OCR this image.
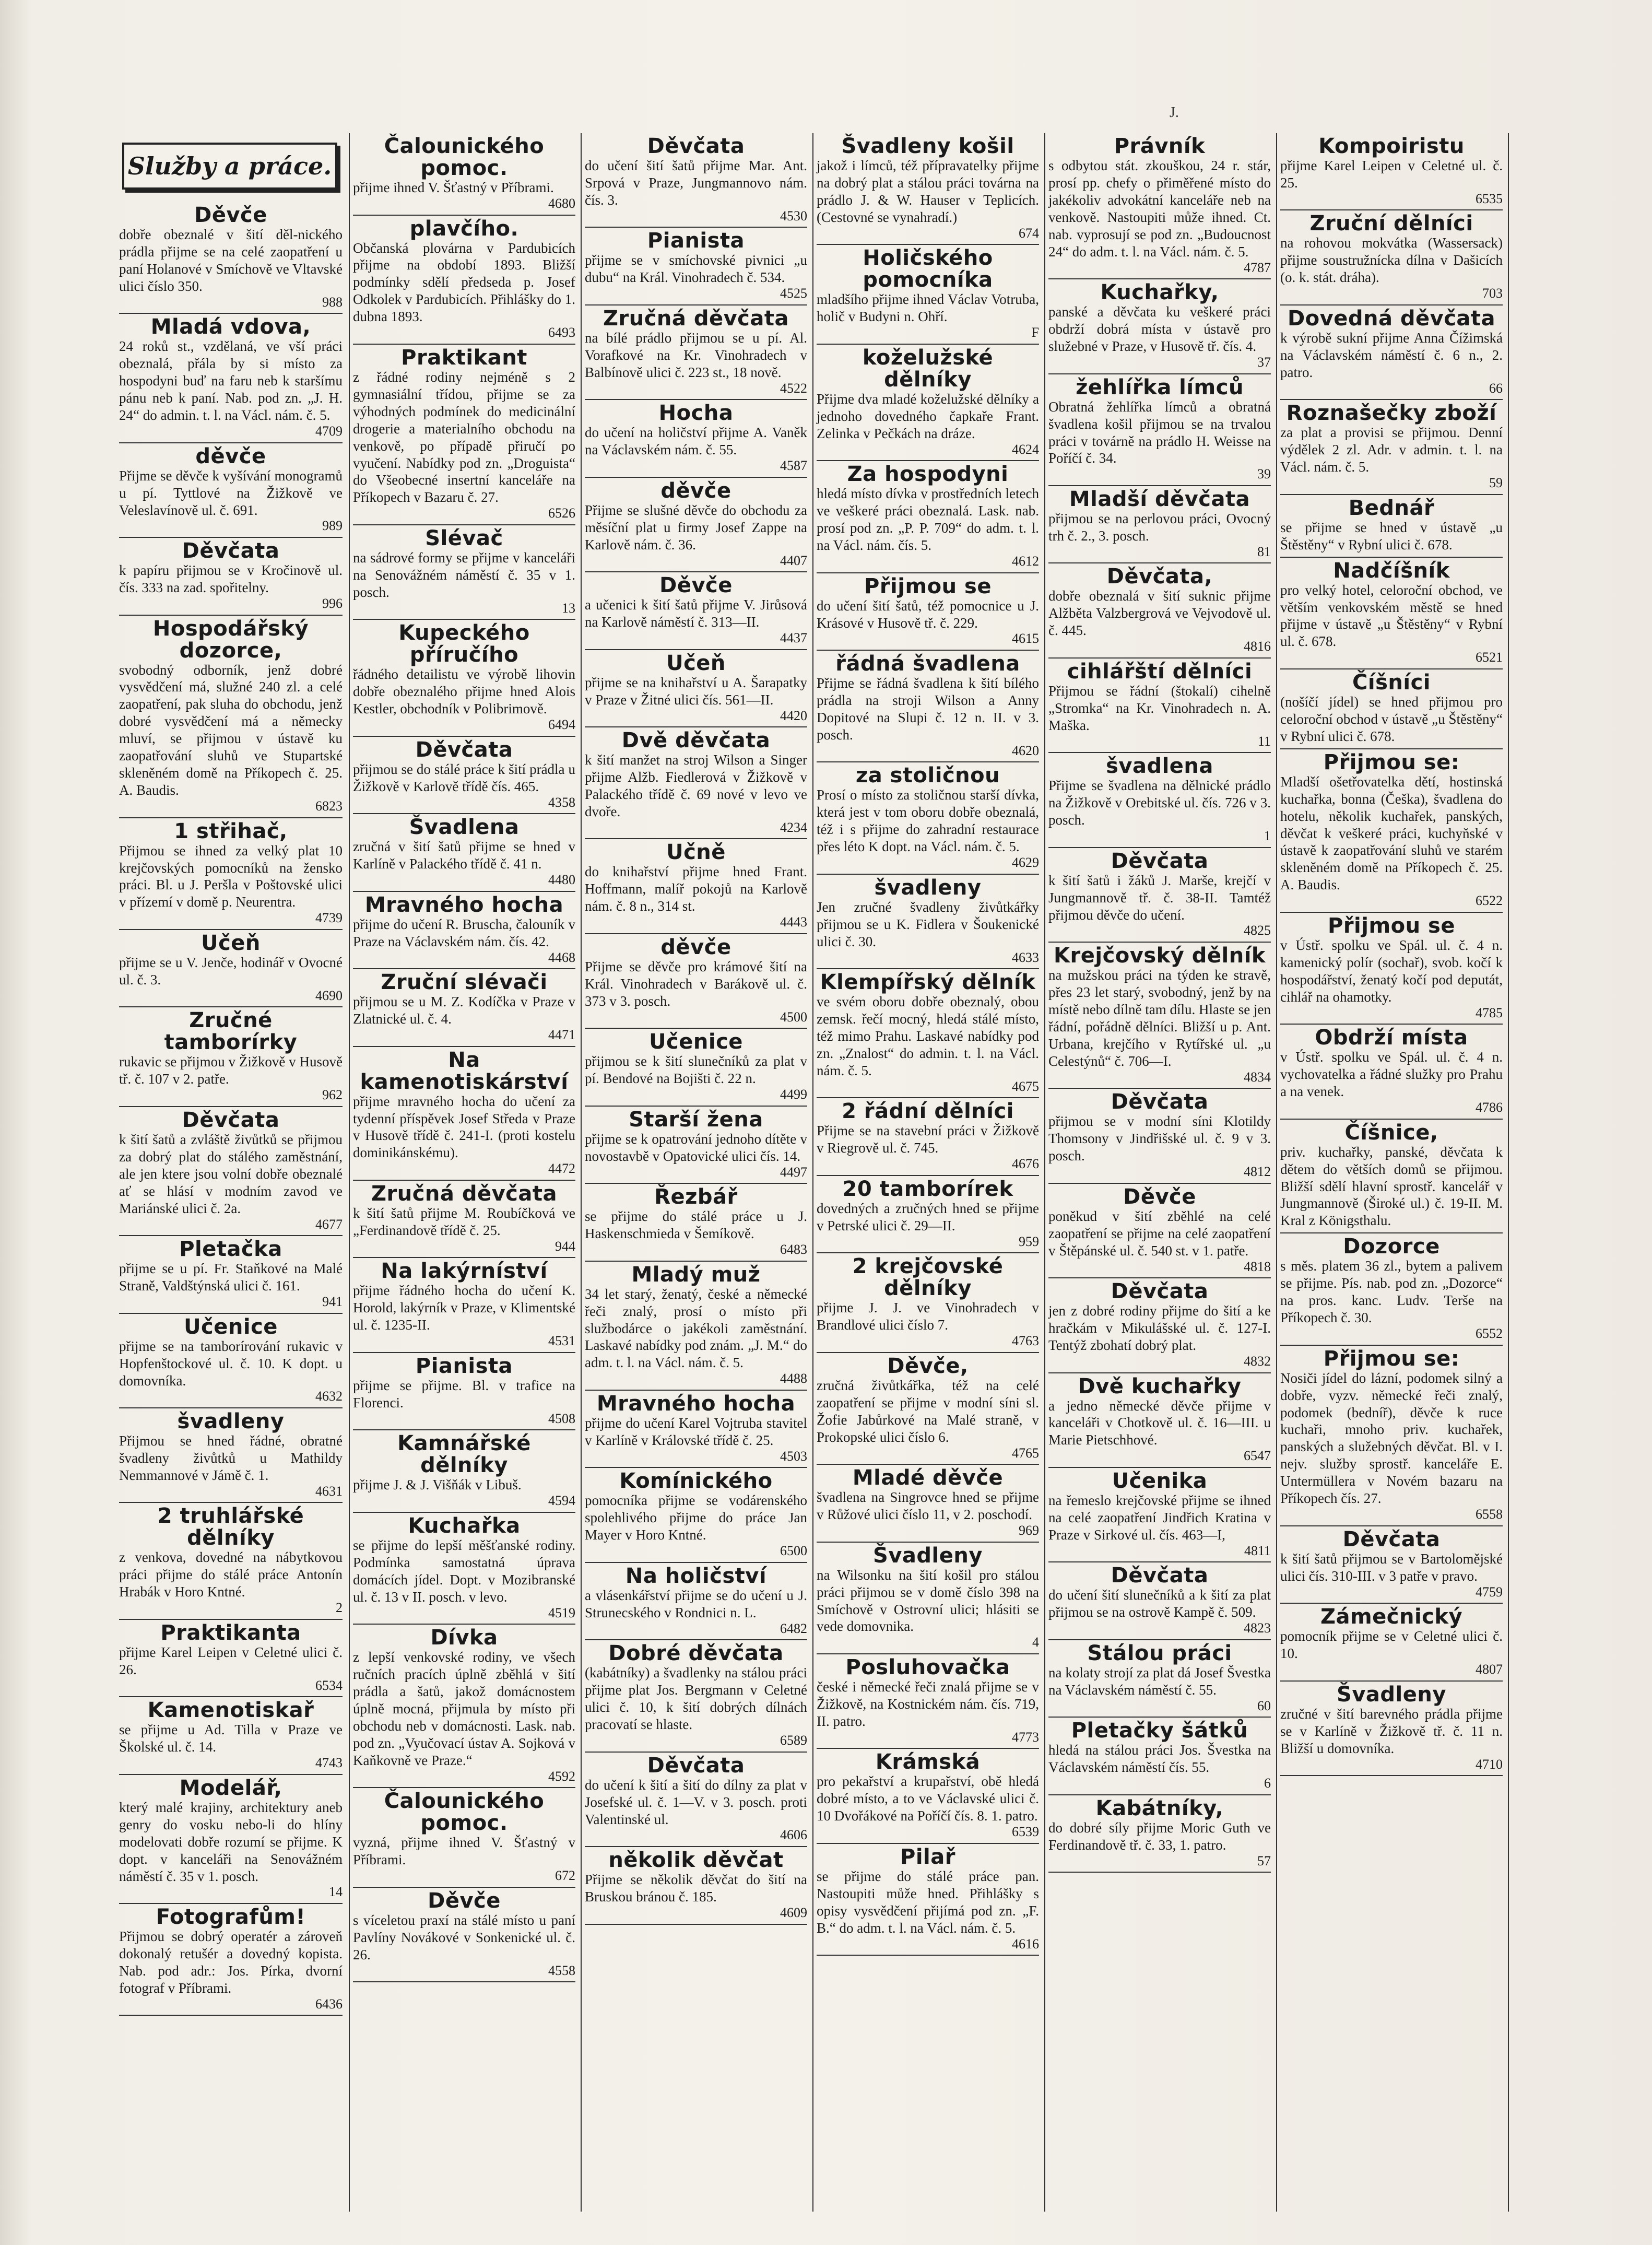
J.
Služby a práce.
Děvče
dobře obeznalé v šití děl-nického prádla přijme se na celé zaopatření u paní Holanové v Smíchově ve Vltavské ulici číslo 350.
988
Mladá vdova,
24 roků st., vzdělaná, ve vší práci obeznalá, přála by si místo za hospodyni buď na faru neb k staršímu pánu neb k paní. Nab. pod zn. „J. H. 24“ do admin. t. l. na Václ. nám. č. 5.
4709
děvče
Přijme se děvče k vyšívání monogramů u pí. Tyttlové na Žižkově ve Veleslavínově ul. č. 691.
989
Děvčata
k papíru přijmou se v Kročinově ul. čís. 333 na zad. spořitelny.
996
Hospodářský dozorce,
svobodný odborník, jenž dobré vysvědčení má, služné 240 zl. a celé zaopatření, pak sluha do obchodu, jenž dobré vysvědčení má a německy mluví, se přijmou v ústavě ku zaopatřování sluhů ve Stupartské skleněném domě na Příkopech č. 25. A. Baudis.
6823
1 střihač,
Přijmou se ihned za velký plat 10 krejčovských pomocníků na žensko práci. Bl. u J. Peršla v Poštovské ulici v přízemí v domě p. Neurentra.
4739
Učeň
přijme se u V. Jenče, hodinář v Ovocné ul. č. 3.
4690
Zručné tamborírky
rukavic se přijmou v Žižkově v Husově tř. č. 107 v 2. patře.
962
Děvčata
k šití šatů a zvláště živůtků se přijmou za dobrý plat do stálého zaměstnání, ale jen ktere jsou volní dobře obeznalé ať se hlásí v modním zavod ve Mariánské ulici č. 2a.
4677
Pletačka
přijme se u pí. Fr. Staňkové na Malé Straně, Valdštýnská ulici č. 161.
941
Učenice
přijme se na tamborírování rukavic v Hopfenštockové ul. č. 10. K dopt. u domovníka.
4632
švadleny
Přijmou se hned řádné, obratné švadleny živůtků u Mathildy Nemmannové v Jámě č. 1.
4631
2 truhlářské dělníky
z venkova, dovedné na nábytkovou práci přijme do stálé práce Antonín Hrabák v Horo Kntné.
2
Praktikanta
přijme Karel Leipen v Celetné ulici č. 26.
6534
Kamenotiskař
se přijme u Ad. Tilla v Praze ve Školské ul. č. 14.
4743
Modelář,
který malé krajiny, architektury aneb genry do vosku nebo-li do hlíny modelovati dobře rozumí se přijme. K dopt. v kanceláři na Senovážném náměstí č. 35 v 1. posch.
14
Fotografům!
Přijmou se dobrý operatér a zároveň dokonalý retušér a dovedný kopista. Nab. pod adr.: Jos. Pírka, dvorní fotograf v Příbrami.
6436
Čalounického pomoc.
přijme ihned V. Šťastný v Příbrami.
4680
plavčího.
Občanská plovárna v Pardubicích přijme na období 1893. Bližší podmínky sdělí předseda p. Josef Odkolek v Pardubicích. Přihlášky do 1. dubna 1893.
6493
Praktikant
z řádné rodiny nejméně s 2 gymnasiální třídou, přijme se za výhodných podmínek do medicinální drogerie a materialního obchodu na venkově, po případě přiručí po vyučení. Nabídky pod zn. „Droguista“ do Všeobecné insertní kanceláře na Příkopech v Bazaru č. 27.
6526
Slévač
na sádrové formy se přijme v kanceláři na Senovážném náměstí č. 35 v 1. posch.
13
Kupeckého příručího
řádného detailistu ve výrobě lihovin dobře obeznalého přijme hned Alois Kestler, obchodník v Polibrimově.
6494
Děvčata
přijmou se do stálé práce k šití prádla u Žižkově v Karlově třídě čís. 465.
4358
Švadlena
zručná v šití šatů přijme se hned v Karlíně v Palackého třídě č. 41 n.
4480
Mravného hocha
přijme do učení R. Bruscha, čalouník v Praze na Václavském nám. čís. 42.
4468
Zruční slévači
přijmou se u M. Z. Kodíčka v Praze v Zlatnické ul. č. 4.
4471
Na kamenotiskárství
přijme mravného hocha do učení za tydenní příspěvek Josef Středa v Praze v Husově třídě č. 241-I. (proti kostelu dominikánskému).
4472
Zručná děvčata
k šití šatů přijme M. Roubíčková ve „Ferdinandově třídě č. 25.
944
Na lakýrníství
přijme řádného hocha do učení K. Horold, lakýrník v Praze, v Klimentské ul. č. 1235-II.
4531
Pianista
přijme se přijme. Bl. v trafice na Florenci.
4508
Kamnářské dělníky
přijme J. & J. Višňák v Libuš.
4594
Kuchařka
se přijme do lepší měšťanské rodiny. Podmínka samostatná úprava domácích jídel. Dopt. v Mozibranské ul. č. 13 v II. posch. v levo.
4519
Dívka
z lepší venkovské rodiny, ve všech ručních pracích úplně zběhlá v šití prádla a šatů, jakož domácnostem úplně mocná, přijmula by místo při obchodu neb v domácnosti. Lask. nab. pod zn. „Vyučovací ústav A. Sojková v Kaňkovně ve Praze.“
4592
Čalounického pomoc.
vyzná, přijme ihned V. Šťastný v Příbrami.
672
Děvče
s víceletou praxí na stálé místo u paní Pavlíny Novákové v Sonkenické ul. č. 26.
4558
Děvčata
do učení šití šatů přijme Mar. Ant. Srpová v Praze, Jungmannovo nám. čís. 3.
4530
Pianista
přijme se v smíchovské pivnici „u dubu“ na Král. Vinohradech č. 534.
4525
Zručná děvčata
na bílé prádlo přijmou se u pí. Al. Vorafkové na Kr. Vinohradech v Balbínově ulici č. 223 st., 18 nově.
4522
Hocha
do učení na holičství přijme A. Vaněk na Václavském nám. č. 55.
4587
děvče
Přijme se slušné děvče do obchodu za měsíční plat u firmy Josef Zappe na Karlově nám. č. 36.
4407
Děvče
a učenici k šití šatů přijme V. Jirůsová na Karlově náměstí č. 313—II.
4437
Učeň
přijme se na knihařství u A. Šarapatky v Praze v Žitné ulici čís. 561—II.
4420
Dvě děvčata
k šití manžet na stroj Wilson a Singer přijme Alžb. Fiedlerová v Žižkově v Palackého třídě č. 69 nové v levo ve dvoře.
4234
Učně
do knihařství přijme hned Frant. Hoffmann, malíř pokojů na Karlově nám. č. 8 n., 314 st.
4443
děvče
Přijme se děvče pro krámové šití na Král. Vinohradech v Barákově ul. č. 373 v 3. posch.
4500
Učenice
přijmou se k šití slunečníků za plat v pí. Bendové na Bojišti č. 22 n.
4499
Starší žena
přijme se k opatrování jednoho dítěte v novostavbě v Opatovické ulici čís. 14.
4497
Řezbář
se přijme do stálé práce u J. Haskenschmieda v Šemíkově.
6483
Mladý muž
34 let starý, ženatý, české a německé řeči znalý, prosí o místo při službodárce o jakékoli zaměstnání. Laskavé nabídky pod znám. „J. M.“ do adm. t. l. na Václ. nám. č. 5.
4488
Mravného hocha
přijme do učení Karel Vojtruba stavitel v Karlíně v Královské třídě č. 25.
4503
Komínického
pomocníka přijme se vodárenského spolehlivého přijme do práce Jan Mayer v Horo Kntné.
6500
Na holičství
a vlásenkářství přijme se do učení u J. Strunecského v Rondnici n. L.
6482
Dobré děvčata
(kabátníky) a švadlenky na stálou práci přijme plat Jos. Bergmann v Celetné ulici č. 10, k šití dobrých dílnách pracovatí se hlaste.
6589
Děvčata
do učení k šití a šití do dílny za plat v Josefské ul. č. 1—V. v 3. posch. proti Valentinské ul.
4606
několik děvčat
Přijme se několik děvčat do šití na Bruskou bránou č. 185.
4609
Švadleny košil
jakož i límců, též přípravatelky přijme na dobrý plat a stálou práci továrna na prádlo J. & W. Hauser v Teplicích. (Cestovné se vynahradí.)
674
Holičského pomocníka
mladšího přijme ihned Václav Votruba, holič v Budyni n. Ohří.
F
koželužské dělníky
Přijme dva mladé koželužské dělníky a jednoho dovedného čapkaře Frant. Zelinka v Pečkách na dráze.
4624
Za hospodyni
hledá místo dívka v prostředních letech ve veškeré práci obeznalá. Lask. nab. prosí pod zn. „P. P. 709“ do adm. t. l. na Václ. nám. čís. 5.
4612
Přijmou se
do učení šití šatů, též pomocnice u J. Krásové v Husově tř. č. 229.
4615
řádná švadlena
Přijme se řádná švadlena k šití bílého prádla na stroji Wilson a Anny Dopitové na Slupi č. 12 n. II. v 3. posch.
4620
za stoličnou
Prosí o místo za stoličnou starší dívka, která jest v tom oboru dobře obeznalá, též i s přijme do zahradní restaurace přes léto K dopt. na Václ. nám. č. 5.
4629
švadleny
Jen zručné švadleny živůtkářky přijmou se u K. Fidlera v Šoukenické ulici č. 30.
4633
Klempířský dělník
ve svém oboru dobře obeznalý, obou zemsk. řečí mocný, hledá stálé místo, též mimo Prahu. Laskavé nabídky pod zn. „Znalost“ do admin. t. l. na Václ. nám. č. 5.
4675
2 řádní dělníci
Přijme se na stavební práci v Žižkově v Riegrově ul. č. 745.
4676
20 tamborírek
dovedných a zručných hned se přijme v Petrské ulici č. 29—II.
959
2 krejčovské dělníky
přijme J. J. ve Vinohradech v Brandlové ulici číslo 7.
4763
Děvče,
zručná živůtkářka, též na celé zaopatření se přijme v modní síni sl. Žofie Jabůrkové na Malé straně, v Prokopské ulici číslo 6.
4765
Mladé děvče
švadlena na Singrovce hned se přijme v Růžové ulici číslo 11, v 2. poschodí.
969
Švadleny
na Wilsonku na šití košil pro stálou práci přijmou se v domě číslo 398 na Smíchově v Ostrovní ulici; hlásiti se vede domovnika.
4
Posluhovačka
české i německé řeči znalá přijme se v Žižkově, na Kostnickém nám. čís. 719, II. patro.
4773
Krámská
pro pekařství a krupařství, obě hledá dobré místo, a to ve Václavské ulici č. 10 Dvořákové na Poříčí čís. 8. 1. patro.
6539
Pilař
se přijme do stálé práce pan. Nastoupiti může hned. Přihlášky s opisy vysvědčení přijímá pod zn. „F. B.“ do adm. t. l. na Václ. nám. č. 5.
4616
Právník
s odbytou stát. zkouškou, 24 r. stár, prosí pp. chefy o přiměřené místo do jakékoliv advokátní kanceláře neb na venkově. Nastoupiti může ihned. Ct. nab. vyprosují se pod zn. „Budoucnost 24“ do adm. t. l. na Václ. nám. č. 5.
4787
Kuchařky,
panské a děvčata ku veškeré práci obdrží dobrá místa v ústavě pro služebné v Praze, v Husově tř. čís. 4.
37
žehlířka límců
Obratná žehlířka límců a obratná švadlena košil přijmou se na trvalou práci v továrně na prádlo H. Weisse na Poříčí č. 34.
39
Mladší děvčata
přijmou se na perlovou práci, Ovocný trh č. 2., 3. posch.
81
Děvčata,
dobře obeznalá v šití suknic přijme Alžběta Valzbergrová ve Vejvodově ul. č. 445.
4816
cihlářští dělníci
Přijmou se řádní (štokalí) cihelně „Stromka“ na Kr. Vinohradech n. A. Maška.
11
švadlena
Přijme se švadlena na dělnické prádlo na Žižkově v Orebitské ul. čís. 726 v 3. posch.
1
Děvčata
k šití šatů i žáků J. Marše, krejčí v Jungmannově tř. č. 38-II. Tamtéž přijmou děvče do učení.
4825
Krejčovský dělník
na mužskou práci na týden ke stravě, přes 23 let starý, svobodný, jenž by na místě nebo dílně tam dílu. Hlaste se jen řádní, pořádně dělníci. Bližší u p. Ant. Urbana, krejčího v Rytířské ul. „u Celestýnů“ č. 706—I.
4834
Děvčata
přijmou se v modní síni Klotildy Thomsony v Jindřišské ul. č. 9 v 3. posch.
4812
Děvče
poněkud v šití zběhlé na celé zaopatření se přijme na celé zaopatření v Štěpánské ul. č. 540 st. v 1. patře.
4818
Děvčata
jen z dobré rodiny přijme do šití a ke hračkám v Mikulášské ul. č. 127-I. Tentýž zbohatí dobrý plat.
4832
Dvě kuchařky
a jedno německé děvče přijme v kanceláři v Chotkově ul. č. 16—III. u Marie Pietschhové.
6547
Učenika
na řemeslo krejčovské přijme se ihned na celé zaopatření Jindřich Kratina v Praze v Sirkové ul. čís. 463—I,
4811
Děvčata
do učení šití slunečníků a k šití za plat přijmou se na ostrově Kampě č. 509.
4823
Stálou práci
na kolaty strojí za plat dá Josef Švestka na Václavském náměstí č. 55.
60
Pletačky šátků
hledá na stálou práci Jos. Švestka na Václavském náměstí čís. 55.
6
Kabátníky,
do dobré síly přijme Moric Guth ve Ferdinandově tř. č. 33, 1. patro.
57
Kompoiristu
přijme Karel Leipen v Celetné ul. č. 25.
6535
Zruční dělníci
na rohovou mokvátka (Wassersack) přijme soustružnícka dílna v Dašicích (o. k. stát. dráha).
703
Dovedná děvčata
k výrobě sukní přijme Anna Čížimská na Václavském náměstí č. 6 n., 2. patro.
66
Roznašečky zboží
za plat a provisi se přijmou. Denní výdělek 2 zl. Adr. v admin. t. l. na Václ. nám. č. 5.
59
Bednář
se přijme se hned v ústavě „u Štěstěny“ v Rybní ulici č. 678.
Nadčíšník
pro velký hotel, celoroční obchod, ve větším venkovském městě se hned přijme v ústavě „u Štěstěny“ v Rybní ul. č. 678.
6521
Číšníci
(nošíčí jídel) se hned přijmou pro celoroční obchod v ústavě „u Štěstěny“ v Rybní ulici č. 678.
Přijmou se:
Mladší ošetřovatelka dětí, hostinská kuchařka, bonna (Češka), švadlena do hotelu, několik kuchařek, panských, děvčat k veškeré práci, kuchyňské v ústavě k zaopatřování sluhů ve starém skleněném domě na Příkopech č. 25. A. Baudis.
6522
Přijmou se
v Ústř. spolku ve Spál. ul. č. 4 n. kamenický polír (sochař), svob. kočí k hospodářství, ženatý kočí pod deputát, cihlář na ohamotky.
4785
Obdrží místa
v Ústř. spolku ve Spál. ul. č. 4 n. vychovatelka a řádné služky pro Prahu a na venek.
4786
Číšnice,
priv. kuchařky, panské, děvčata k dětem do větších domů se přijmou. Bližší sdělí hlavní sprostř. kancelář v Jungmannově (Široké ul.) č. 19-II. M. Kral z Königsthalu.
Dozorce
s měs. platem 36 zl., bytem a palivem se přijme. Pís. nab. pod zn. „Dozorce“ na pros. kanc. Ludv. Terše na Příkopech č. 30.
6552
Přijmou se:
Nosiči jídel do lázní, podomek silný a dobře, vyzv. německé řeči znalý, podomek (bedníř), děvče k ruce kuchaři, mnoho priv. kuchařek, panských a služebných děvčat. Bl. v I. nejv. služby sprostř. kanceláře E. Untermüllera v Novém bazaru na Příkopech čís. 27.
6558
Děvčata
k šití šatů přijmou se v Bartolomějské ulici čís. 310-III. v 3 patře v pravo.
4759
Zámečnický
pomocník přijme se v Celetné ulici č. 10.
4807
Švadleny
zručné v šití barevného prádla přijme se v Karlíně v Žižkově tř. č. 11 n. Bližší u domovníka.
4710
